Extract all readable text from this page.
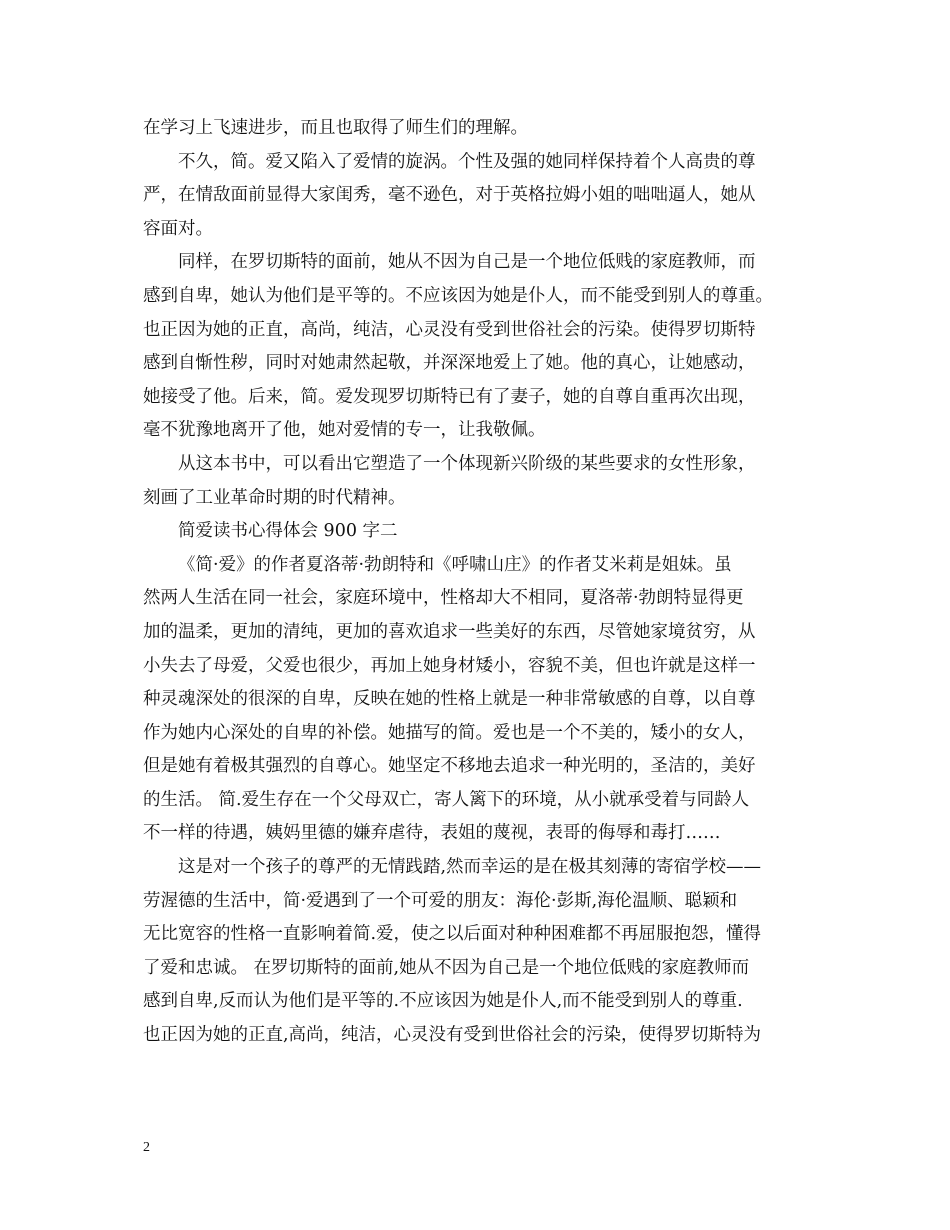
在学习上飞速进步，而且也取得了师生们的理解。

不久，简。爱又陷入了爱情的旋涡。个性及强的她同样保持着个人高贵的尊

严，在情敌面前显得大家闺秀，毫不逊色，对于英格拉姆小姐的咄咄逼人，她从

容面对。

同样，在罗切斯特的面前，她从不因为自己是一个地位低贱的家庭教师，而

感到自卑，她认为他们是平等的。不应该因为她是仆人，而不能受到别人的尊重。

也正因为她的正直，高尚，纯洁，心灵没有受到世俗社会的污染。使得罗切斯特

感到自惭性秽，同时对她肃然起敬，并深深地爱上了她。他的真心，让她感动，

她接受了他。后来，简。爱发现罗切斯特已有了妻子，她的自尊自重再次出现，

毫不犹豫地离开了他，她对爱情的专一，让我敬佩。

从这本书中，可以看出它塑造了一个体现新兴阶级的某些要求的女性形象，

刻画了工业革命时期的时代精神。

简爱读书心得体会 900 字二

《简·爱》的作者夏洛蒂·勃朗特和《呼啸山庄》的作者艾米莉是姐妹。虽

然两人生活在同一社会，家庭环境中，性格却大不相同，夏洛蒂·勃朗特显得更

加的温柔，更加的清纯，更加的喜欢追求一些美好的东西，尽管她家境贫穷，从

小失去了母爱，父爱也很少，再加上她身材矮小，容貌不美，但也许就是这样一

种灵魂深处的很深的自卑，反映在她的性格上就是一种非常敏感的自尊，以自尊

作为她内心深处的自卑的补偿。她描写的简。爱也是一个不美的，矮小的女人，

但是她有着极其强烈的自尊心。她坚定不移地去追求一种光明的，圣洁的，美好

的生活。 简.爱生存在一个父母双亡，寄人篱下的环境，从小就承受着与同龄人

不一样的待遇，姨妈里德的嫌弃虐待，表姐的蔑视，表哥的侮辱和毒打……

这是对一个孩子的尊严的无情践踏,然而幸运的是在极其刻薄的寄宿学校——

劳渥德的生活中，简·爱遇到了一个可爱的朋友：海伦·彭斯,海伦温顺、聪颖和

无比宽容的性格一直影响着简.爱，使之以后面对种种困难都不再屈服抱怨，懂得

了爱和忠诚。 在罗切斯特的面前,她从不因为自己是一个地位低贱的家庭教师而

感到自卑,反而认为他们是平等的.不应该因为她是仆人,而不能受到别人的尊重.

也正因为她的正直,高尚，纯洁，心灵没有受到世俗社会的污染，使得罗切斯特为

2
